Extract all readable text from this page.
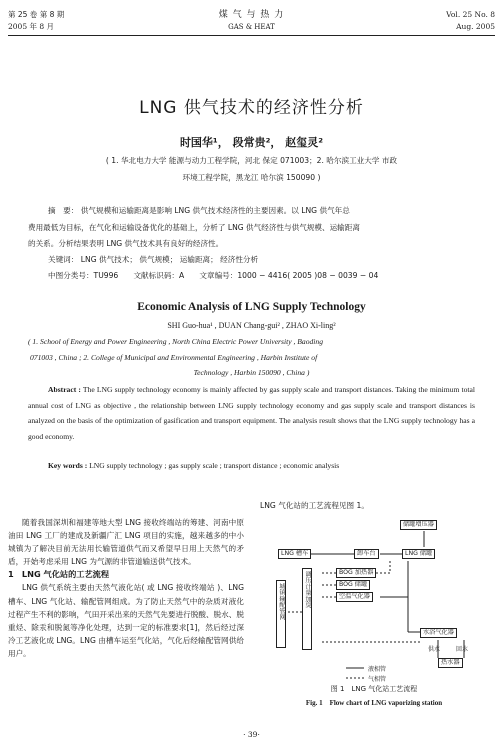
第 25 卷 第 8 期
2005 年 8 月
煤 气 与 热 力
GAS & HEAT
Vol. 25 No. 8
Aug. 2005
LNG 供气技术的经济性分析
时国华¹， 段常贵²， 赵玺灵²
( 1. 华北电力大学 能源与动力工程学院，河北 保定 071003；2. 哈尔滨工业大学 市政
环境工程学院，黑龙江 哈尔滨 150090 )
摘　要： 供气规模和运输距离是影响 LNG 供气技术经济性的主要因素。以 LNG 供气年总
费用最低为目标，在气化和运输设备优化的基础上，分析了 LNG 供气经济性与供气规模、运输距离
的关系。分析结果表明 LNG 供气技术具有良好的经济性。
关键词： LNG 供气技术； 供气规模； 运输距离； 经济性分析
中图分类号：TU996　　文献标识码：A　　文章编号：1000 − 4416( 2005 )08 − 0039 − 04
Economic Analysis of LNG Supply Technology
SHI Guo-hua¹ , DUAN Chang-gui² , ZHAO Xi-ling²
( 1. School of Energy and Power Engineering , North China Electric Power University , Baoding
071003 , China ; 2. College of Municipal and Environmental Engineering , Harbin Institute of
Technology , Harbin 150090 , China )
Abstract : The LNG supply technology economy is mainly affected by gas supply scale and transport distances. Taking the minimum total annual cost of LNG as objective , the relationship between LNG supply technology economy and gas supply scale and transport distances is analyzed on the basis of the optimization of gasification and transport equipment. The analysis result shows that the LNG supply technology has a good economy.
Key words : LNG supply technology ; gas supply scale ; transport distance ; economic analysis

随着我国深圳和福建等地大型 LNG 接收终端站的筹建、河南中原油田 LNG 工厂的建成及新疆广汇 LNG 项目的实施，越来越多的中小城镇为了解决目前无法用长输管道供气而又希望早日用上天然气的矛盾，开始考虑采用 LNG 为气源的非管道输送供气技术。

1　LNG 气化站的工艺流程

LNG 供气系统主要由天然气液化站( 或 LNG 接收终端站 )、LNG 槽车、LNG 气化站、输配管网组成。为了防止天然气中的杂质对液化过程产生不利的影响，气田开采出来的天然气先要进行脱酸、脱水、脱重烃、除汞和脱氮等净化处理，达到一定的标准要求[1]，然后经过深冷工艺液化成 LNG。LNG 由槽车运至气化站，气化后经输配管网供给用户。

LNG 气化站的工艺流程见图 1。
储罐增压器
LNG 槽车	卸车台	LNG 储罐
BOG 加热器
BOG 储罐
调压计量加臭
城镇输配管网	空温气化器
水浴气化器
供水	回水
热水器
液相管
气相管
图 1　LNG 气化站工艺流程
Fig. 1　Flow chart of LNG vaporizing station
· 39·
